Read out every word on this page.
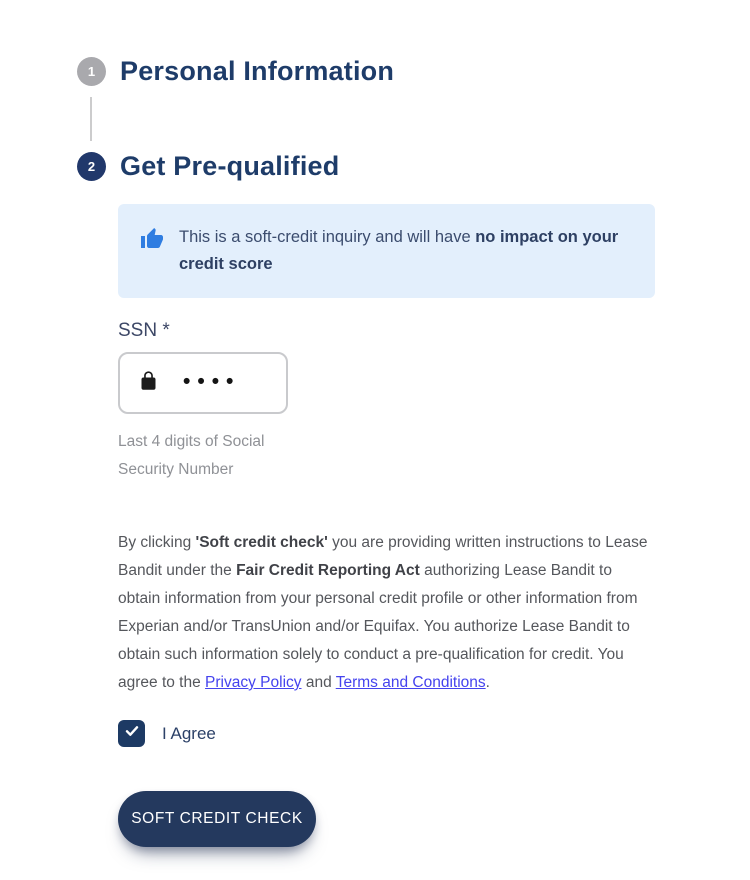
1 Personal Information
2 Get Pre-qualified
This is a soft-credit inquiry and will have no impact on your credit score
SSN *
••••
Last 4 digits of Social Security Number
By clicking 'Soft credit check' you are providing written instructions to Lease Bandit under the Fair Credit Reporting Act authorizing Lease Bandit to obtain information from your personal credit profile or other information from Experian and/or TransUnion and/or Equifax. You authorize Lease Bandit to obtain such information solely to conduct a pre-qualification for credit. You agree to the Privacy Policy and Terms and Conditions.
I Agree
SOFT CREDIT CHECK
